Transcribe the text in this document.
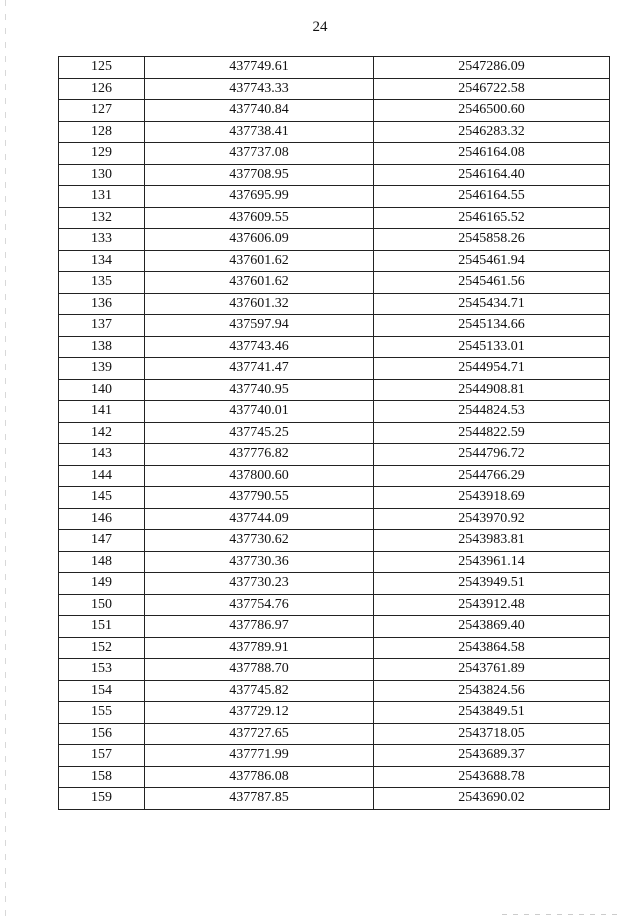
24
125	437749.61	2547286.09
126	437743.33	2546722.58
127	437740.84	2546500.60
128	437738.41	2546283.32
129	437737.08	2546164.08
130	437708.95	2546164.40
131	437695.99	2546164.55
132	437609.55	2546165.52
133	437606.09	2545858.26
134	437601.62	2545461.94
135	437601.62	2545461.56
136	437601.32	2545434.71
137	437597.94	2545134.66
138	437743.46	2545133.01
139	437741.47	2544954.71
140	437740.95	2544908.81
141	437740.01	2544824.53
142	437745.25	2544822.59
143	437776.82	2544796.72
144	437800.60	2544766.29
145	437790.55	2543918.69
146	437744.09	2543970.92
147	437730.62	2543983.81
148	437730.36	2543961.14
149	437730.23	2543949.51
150	437754.76	2543912.48
151	437786.97	2543869.40
152	437789.91	2543864.58
153	437788.70	2543761.89
154	437745.82	2543824.56
155	437729.12	2543849.51
156	437727.65	2543718.05
157	437771.99	2543689.37
158	437786.08	2543688.78
159	437787.85	2543690.02
